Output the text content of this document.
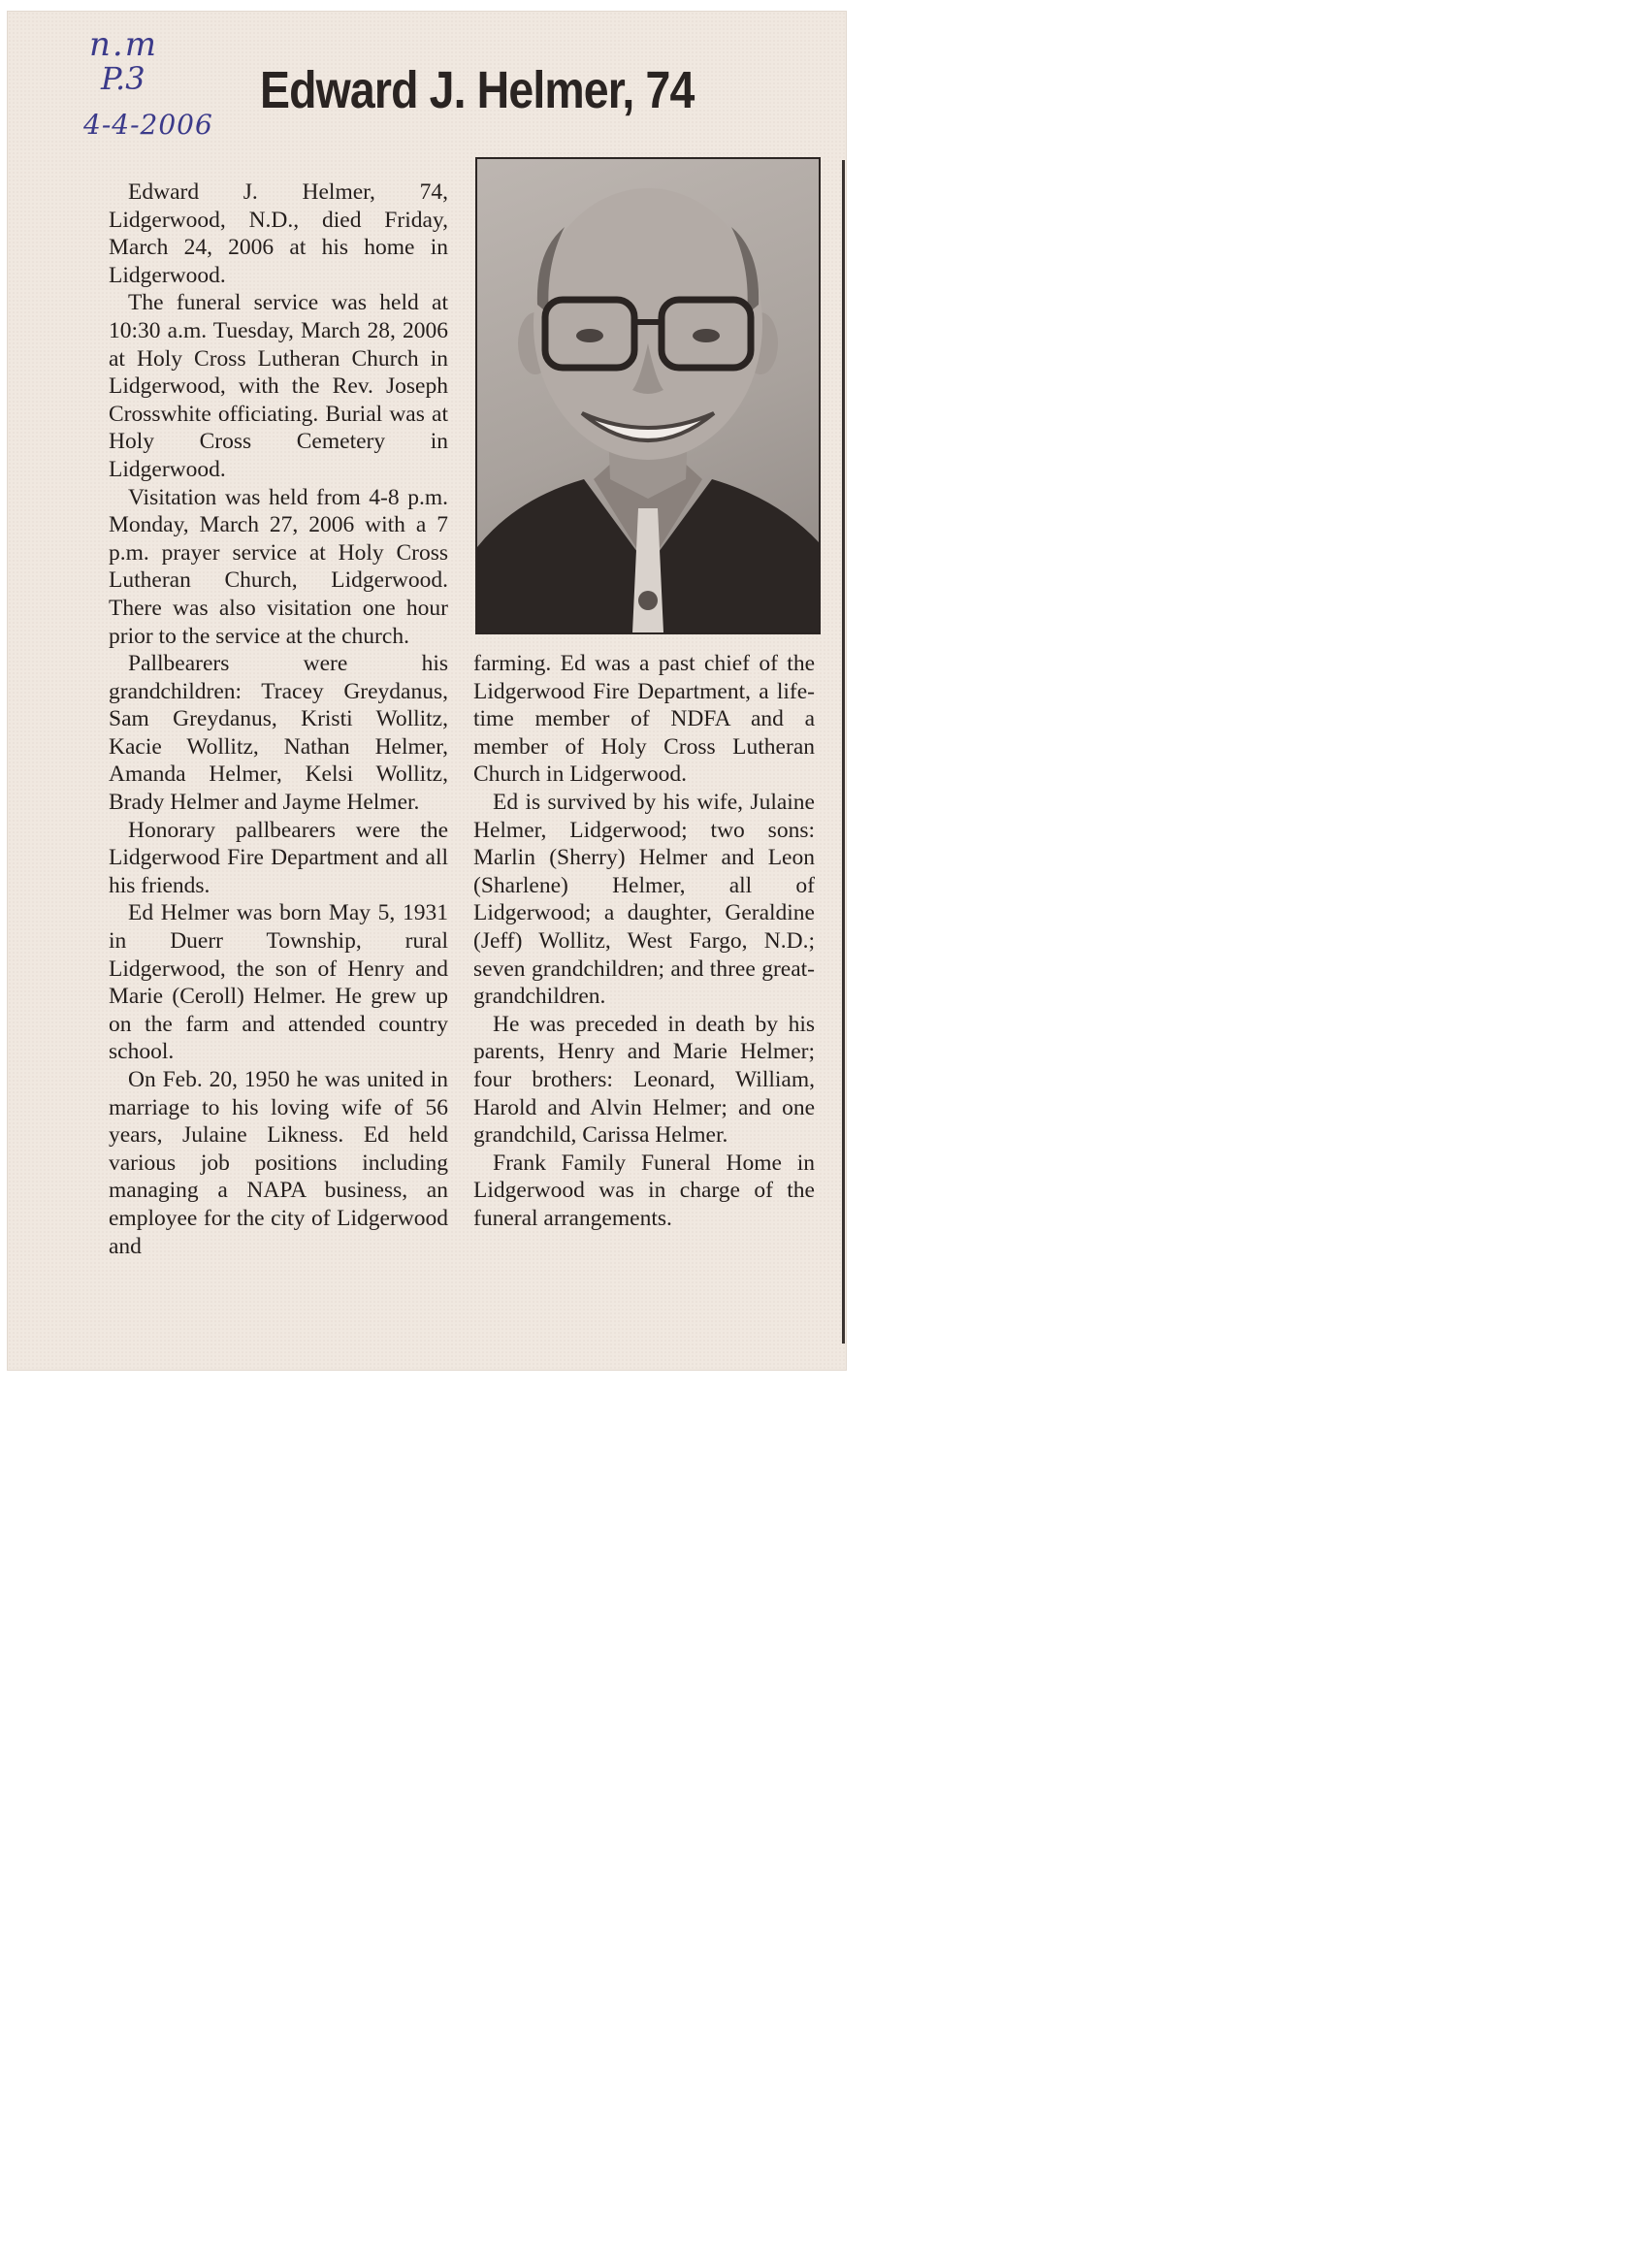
n.m
P.3
4-4-2006
Edward J. Helmer, 74

Edward J. Helmer, 74, Lidgerwood, N.D., died Friday, March 24, 2006 at his home in Lidgerwood.

The funeral service was held at 10:30 a.m. Tuesday, March 28, 2006 at Holy Cross Lutheran Church in Lidgerwood, with the Rev. Joseph Crosswhite officiating. Burial was at Holy Cross Cemetery in Lidgerwood.

Visitation was held from 4-8 p.m. Monday, March 27, 2006 with a 7 p.m. prayer service at Holy Cross Lutheran Church, Lidgerwood. There was also visitation one hour prior to the service at the church.

Pallbearers were his grandchildren: Tracey Greydanus, Sam Greydanus, Kristi Wollitz, Kacie Wollitz, Nathan Helmer, Amanda Helmer, Kelsi Wollitz, Brady Helmer and Jayme Helmer.

Honorary pallbearers were the Lidgerwood Fire Department and all his friends.

Ed Helmer was born May 5, 1931 in Duerr Township, rural Lidgerwood, the son of Henry and Marie (Ceroll) Helmer. He grew up on the farm and attended country school.

On Feb. 20, 1950 he was united in marriage to his loving wife of 56 years, Julaine Likness. Ed held various job positions including managing a NAPA business, an employee for the city of Lidgerwood and

farming. Ed was a past chief of the Lidgerwood Fire Department, a life-time member of NDFA and a member of Holy Cross Lutheran Church in Lidgerwood.

Ed is survived by his wife, Julaine Helmer, Lidgerwood; two sons: Marlin (Sherry) Helmer and Leon (Sharlene) Helmer, all of Lidgerwood; a daughter, Geraldine (Jeff) Wollitz, West Fargo, N.D.; seven grandchildren; and three great-grandchildren.

He was preceded in death by his parents, Henry and Marie Helmer; four brothers: Leonard, William, Harold and Alvin Helmer; and one grandchild, Carissa Helmer.

Frank Family Funeral Home in Lidgerwood was in charge of the funeral arrangements.
